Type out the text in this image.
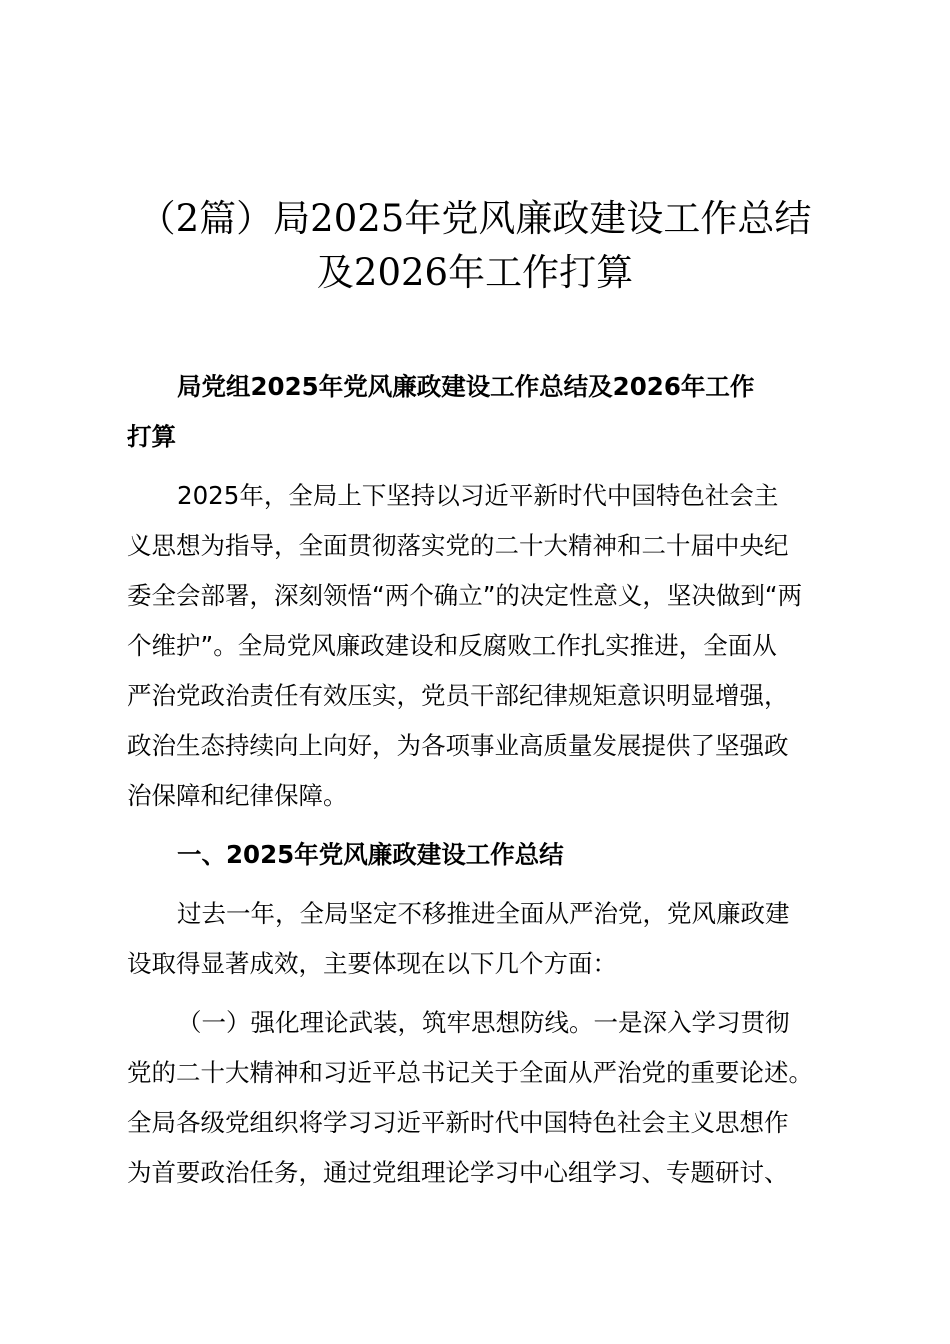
（2篇）局2025年党风廉政建设工作总结
及2026年工作打算
局党组2025年党风廉政建设工作总结及2026年工作
打算
2025年，全局上下坚持以习近平新时代中国特色社会主
义思想为指导，全面贯彻落实党的二十大精神和二十届中央纪
委全会部署，深刻领悟“两个确立”的决定性意义，坚决做到“两
个维护”。全局党风廉政建设和反腐败工作扎实推进，全面从
严治党政治责任有效压实，党员干部纪律规矩意识明显增强，
政治生态持续向上向好，为各项事业高质量发展提供了坚强政
治保障和纪律保障。
一、2025年党风廉政建设工作总结
过去一年，全局坚定不移推进全面从严治党，党风廉政建
设取得显著成效，主要体现在以下几个方面：
（一）强化理论武装，筑牢思想防线。一是深入学习贯彻
党的二十大精神和习近平总书记关于全面从严治党的重要论述。
全局各级党组织将学习习近平新时代中国特色社会主义思想作
为首要政治任务，通过党组理论学习中心组学习、专题研讨、
